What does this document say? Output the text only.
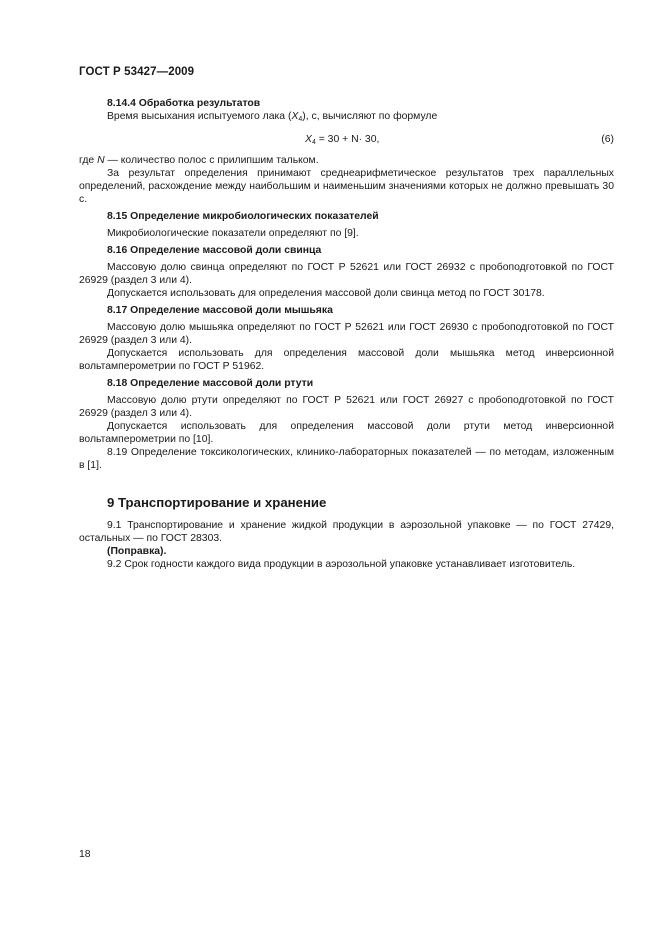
ГОСТ Р 53427—2009

8.14.4 Обработка результатов

Время высыхания испытуемого лака $(X_4)$, с, вычисляют по формуле

$X_4 = 30 + N\cdot 30$,	(6)

где N — количество полос с прилипшим тальком.

За результат определения принимают среднеарифметическое результатов трех параллельных определений, расхождение между наибольшим и наименьшим значениями которых не должно превышать 30 с.

8.15 Определение микробиологических показателей

Микробиологические показатели определяют по [9].

8.16 Определение массовой доли свинца

Массовую долю свинца определяют по ГОСТ Р 52621 или ГОСТ 26932 с пробоподготовкой по ГОСТ 26929 (раздел 3 или 4).

Допускается использовать для определения массовой доли свинца метод по ГОСТ 30178.

8.17 Определение массовой доли мышьяка

Массовую долю мышьяка определяют по ГОСТ Р 52621 или ГОСТ 26930 с пробоподготовкой по ГОСТ 26929 (раздел 3 или 4).

Допускается использовать для определения массовой доли мышьяка метод инверсионной вольтамперометрии по ГОСТ Р 51962.

8.18 Определение массовой доли ртути

Массовую долю ртути определяют по ГОСТ Р 52621 или ГОСТ 26927 с пробоподготовкой по ГОСТ 26929 (раздел 3 или 4).

Допускается использовать для определения массовой доли ртути метод инверсионной вольтамперометрии по [10].

8.19 Определение токсикологических, клинико-лабораторных показателей — по методам, изложенным в [1].

9 Транспортирование и хранение

9.1 Транспортирование и хранение жидкой продукции в аэрозольной упаковке — по ГОСТ 27429, остальных — по ГОСТ 28303.

(Поправка).

9.2 Срок годности каждого вида продукции в аэрозольной упаковке устанавливает изготовитель.

18
